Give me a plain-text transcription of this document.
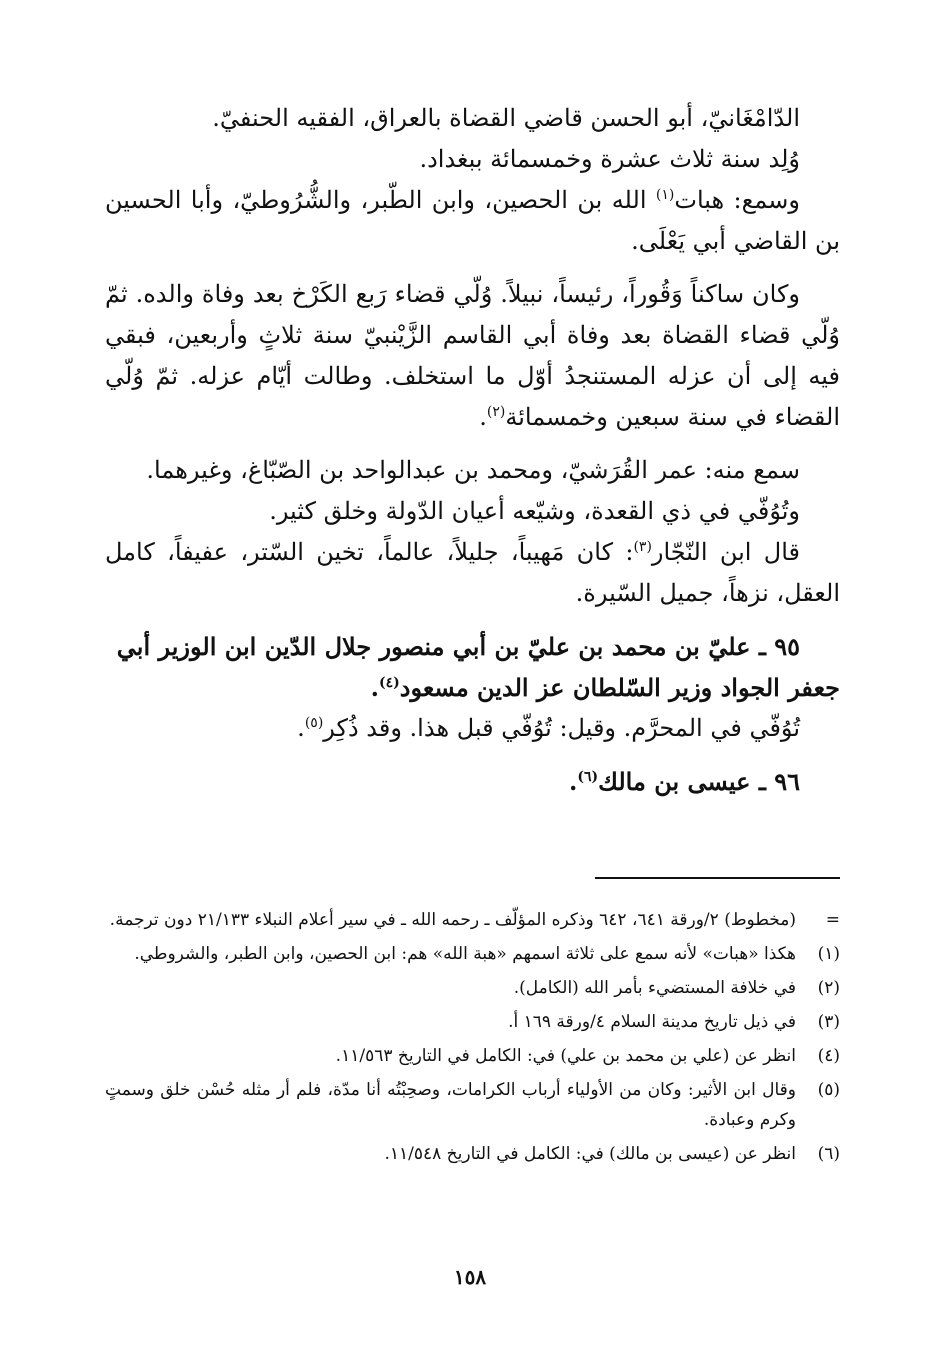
الدّامْغَانيّ، أبو الحسن قاضي القضاة بالعراق، الفقيه الحنفيّ.

وُلِد سنة ثلاث عشرة وخمسمائة ببغداد.

وسمع: هبات$^{(١)}$ الله بن الحصين، وابن الطّبر، والشُّرُوطيّ، وأبا الحسين بن القاضي أبي يَعْلَى.

وكان ساكناً وَقُوراً، رئيساً، نبيلاً. وُلّي قضاء رَبع الكَرْخ بعد وفاة والده. ثمّ وُلّي قضاء القضاة بعد وفاة أبي القاسم الزَّيْنبيّ سنة ثلاثٍ وأربعين، فبقي فيه إلى أن عزله المستنجدُ أوّل ما استخلف. وطالت أيّام عزله. ثمّ وُلّي القضاء في سنة سبعين وخمسمائة$^{(٢)}$.

سمع منه: عمر القُرَشيّ، ومحمد بن عبدالواحد بن الصّبّاغ، وغيرهما.

وتُوُفّي في ذي القعدة، وشيّعه أعيان الدّولة وخلق كثير.

قال ابن النّجّار$^{(٣)}$: كان مَهيباً، جليلاً، عالماً، تخين السّتر، عفيفاً، كامل العقل، نزهاً، جميل السّيرة.

٩٥ ـ عليّ بن محمد بن عليّ بن أبي منصور جلال الدّين ابن الوزير أبي جعفر الجواد وزير السّلطان عز الدين مسعود$^{(٤)}$.

تُوُفّي في المحرَّم. وقيل: تُوُفّي قبل هذا. وقد ذُكِر$^{(٥)}$.

٩٦ ـ عيسى بن مالك$^{(٦)}$.

=
(مخطوط) ٢/ورقة ٦٤١، ٦٤٢ وذكره المؤلّف ـ رحمه الله ـ في سير أعلام النبلاء ٢١/١٣٣ دون ترجمة.
(١)
هكذا «هبات» لأنه سمع على ثلاثة اسمهم «هبة الله» هم: ابن الحصين، وابن الطبر، والشروطي.
(٢)
في خلافة المستضيء بأمر الله (الكامل).
(٣)
في ذيل تاريخ مدينة السلام ٤/ورقة ١٦٩ أ.
(٤)
انظر عن (علي بن محمد بن علي) في: الكامل في التاريخ ١١/٥٦٣.
(٥)
وقال ابن الأثير: وكان من الأولياء أرباب الكرامات، وصحِبْتُه أنا مدّة، فلم أر مثله حُسْن خلق وسمتٍ وكرم وعبادة.
(٦)
انظر عن (عيسى بن مالك) في: الكامل في التاريخ ١١/٥٤٨.
١٥٨
